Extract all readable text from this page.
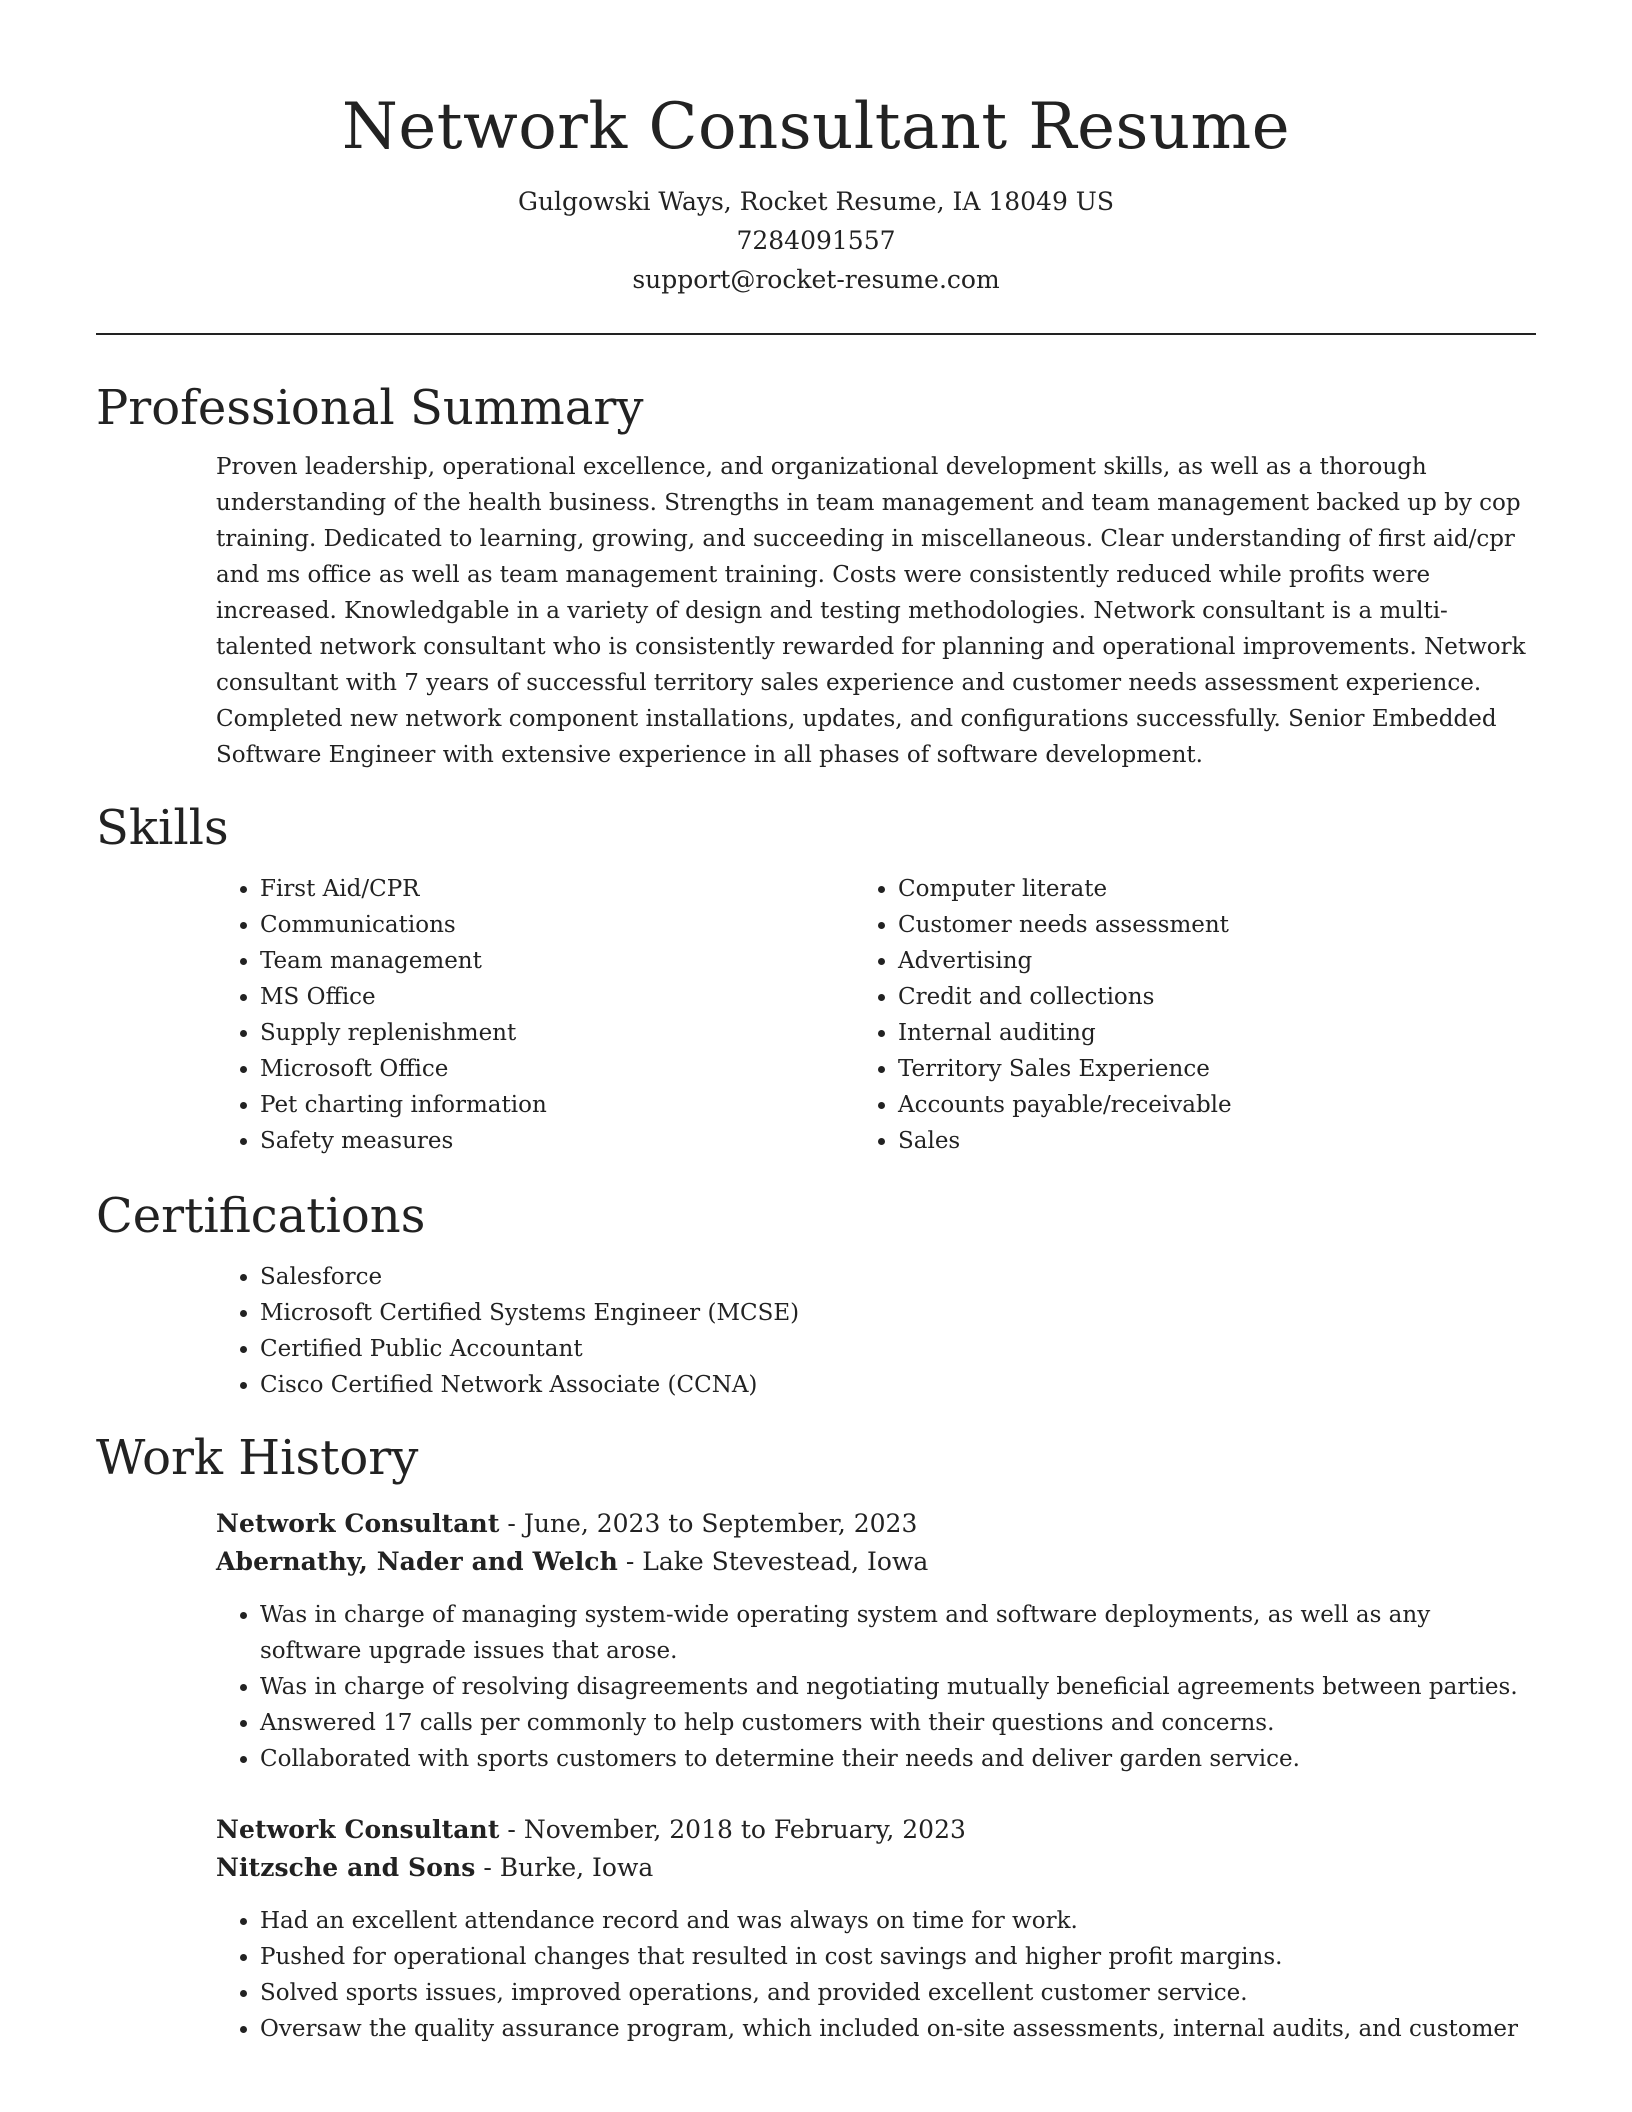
Network Consultant Resume
Gulgowski Ways, Rocket Resume, IA 18049 US
7284091557
support@rocket-resume.com
Professional Summary

Proven leadership, operational excellence, and organizational development skills, as well as a thorough understanding of the health business. Strengths in team management and team management backed up by cop training. Dedicated to learning, growing, and succeeding in miscellaneous. Clear understanding of first aid/cpr and ms office as well as team management training. Costs were consistently reduced while profits were increased. Knowledgable in a variety of design and testing methodologies. Network consultant is a multi-talented network consultant who is consistently rewarded for planning and operational improvements. Network consultant with 7 years of successful territory sales experience and customer needs assessment experience. Completed new network component installations, updates, and configurations successfully. Senior Embedded Software Engineer with extensive experience in all phases of software development.

Skills
• First Aid/CPR
• Communications
• Team management
• MS Office
• Supply replenishment
• Microsoft Office
• Pet charting information
• Safety measures
• Computer literate
• Customer needs assessment
• Advertising
• Credit and collections
• Internal auditing
• Territory Sales Experience
• Accounts payable/receivable
• Sales
Certifications
• Salesforce
• Microsoft Certified Systems Engineer (MCSE)
• Certified Public Accountant
• Cisco Certified Network Associate (CCNA)
Work History
Network Consultant - June, 2023 to September, 2023
Abernathy, Nader and Welch - Lake Stevestead, Iowa
• Was in charge of managing system-wide operating system and software deployments, as well as any software upgrade issues that arose.
• Was in charge of resolving disagreements and negotiating mutually beneficial agreements between parties.
• Answered 17 calls per commonly to help customers with their questions and concerns.
• Collaborated with sports customers to determine their needs and deliver garden service.
Network Consultant - November, 2018 to February, 2023
Nitzsche and Sons - Burke, Iowa
• Had an excellent attendance record and was always on time for work.
• Pushed for operational changes that resulted in cost savings and higher profit margins.
• Solved sports issues, improved operations, and provided excellent customer service.
• Oversaw the quality assurance program, which included on-site assessments, internal audits, and customer
